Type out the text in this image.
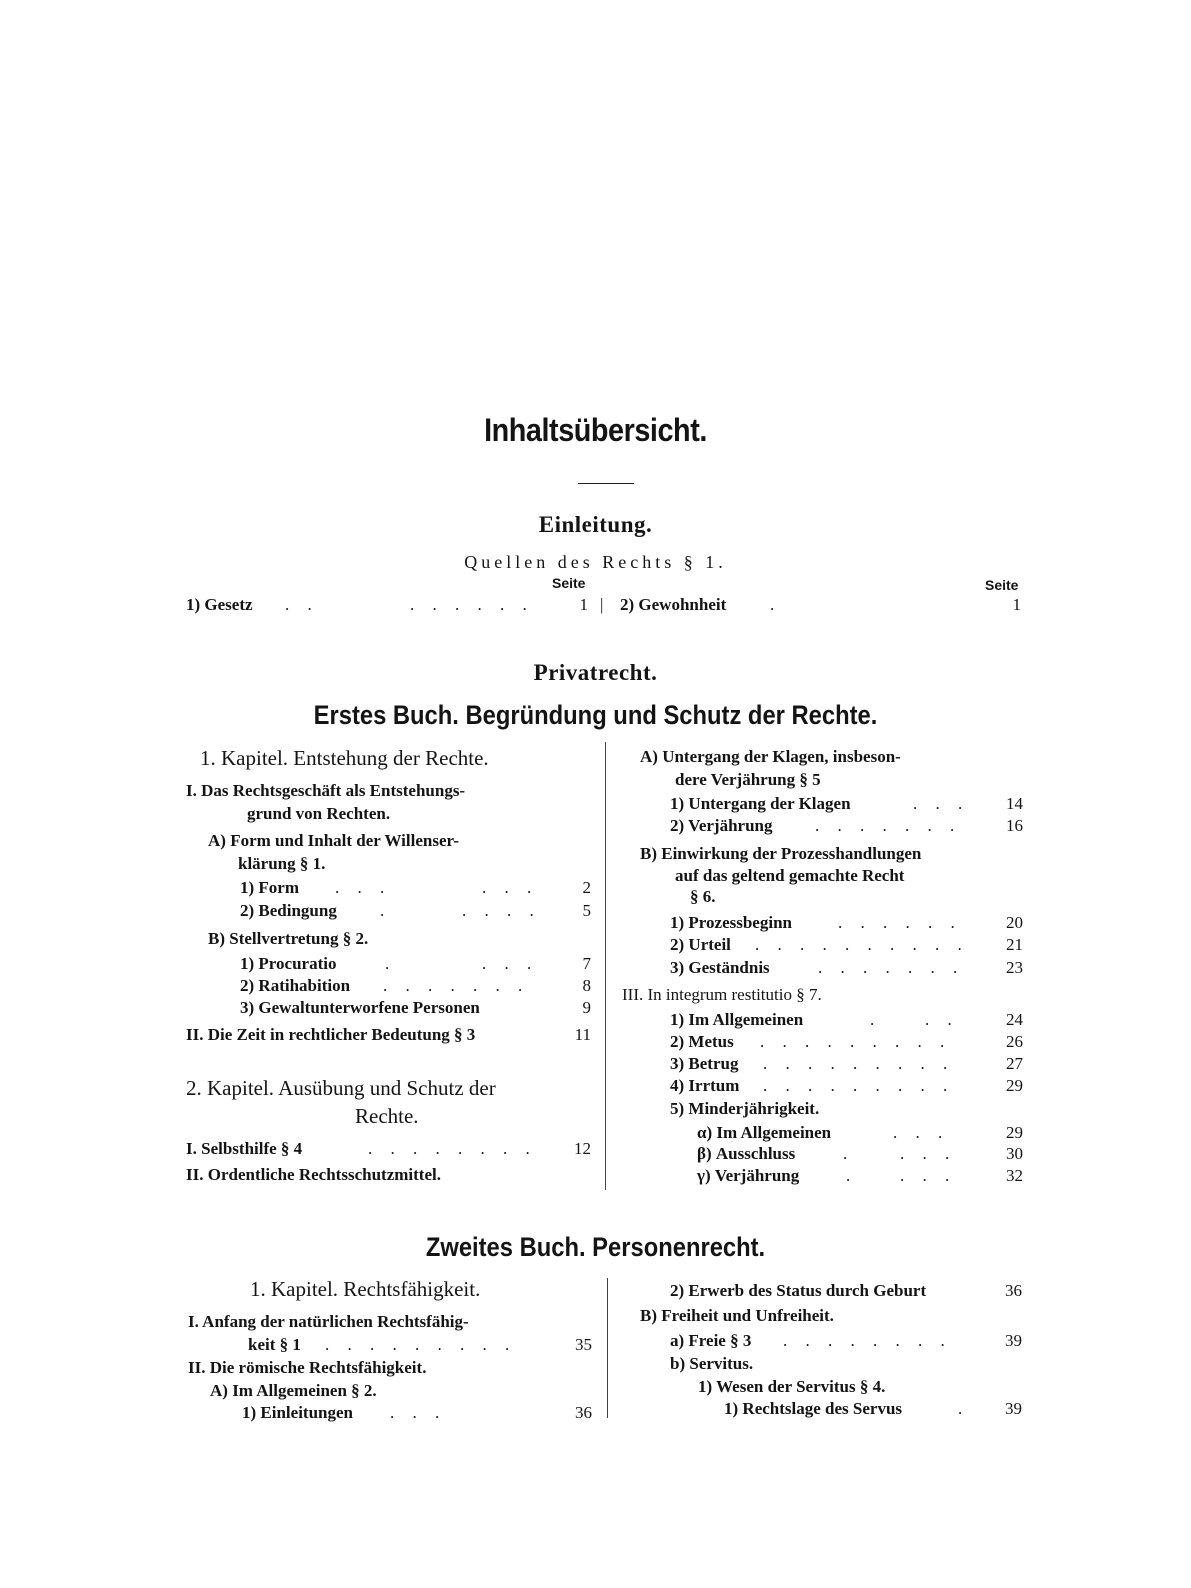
Inhaltsübersicht.
Einleitung.
Quellen des Rechts § 1.
Seite	Seite
1) Gesetz . .	. . . . . .	1 | 2) Gewohnheit	.	1
Privatrecht.
Erstes Buch. Begründung und Schutz der Rechte.
1. Kapitel. Entstehung der Rechte.
I. Das Rechtsgeschäft als Entstehungs-
grund von Rechten.
A) Form und Inhalt der Willenser-
klärung § 1.
1) Form . . .	. . .	2
2) Bedingung	.	. . . .	5
B) Stellvertretung § 2.
1) Procuratio	.	. . .	7
2) Ratihabition . . . . . . .	8
3) Gewaltunterworfene Personen	9
II. Die Zeit in rechtlicher Bedeutung § 3	11
2. Kapitel. Ausübung und Schutz der
Rechte.
I. Selbsthilfe § 4	. . . . . . . .	12
II. Ordentliche Rechtsschutzmittel.
A) Untergang der Klagen, insbeson-
dere Verjährung § 5
1) Untergang der Klagen	. . .	14
2) Verjährung	. . . . . . .	16
B) Einwirkung der Prozesshandlungen
auf das geltend gemachte Recht
§ 6.
1) Prozessbeginn	. . . . . .	20
2) Urteil . . . . . . . . . .	21
3) Geständnis	. . . . . . .	23
III. In integrum restitutio § 7.
1) Im Allgemeinen	.	. .	24
2) Metus . . . . . . . . .	26
3) Betrug . . . . . . . . .	27
4) Irrtum . . . . . . . . .	29
5) Minderjährigkeit.
α) Im Allgemeinen	. . .	29
β) Ausschluss	.	. . .	30
γ) Verjährung	.	. . .	32
Zweites Buch. Personenrecht.
1. Kapitel. Rechtsfähigkeit.
I. Anfang der natürlichen Rechtsfähig-
keit § 1 . . . . . . . . .	35
II. Die römische Rechtsfähigkeit.
A) Im Allgemeinen § 2.
1) Einleitungen . . .	36
2) Erwerb des Status durch Geburt	36
B) Freiheit und Unfreiheit.
a) Freie § 3 . . . . . . . .	39
b) Servitus.
1) Wesen der Servitus § 4.
1) Rechtslage des Servus	.	39
